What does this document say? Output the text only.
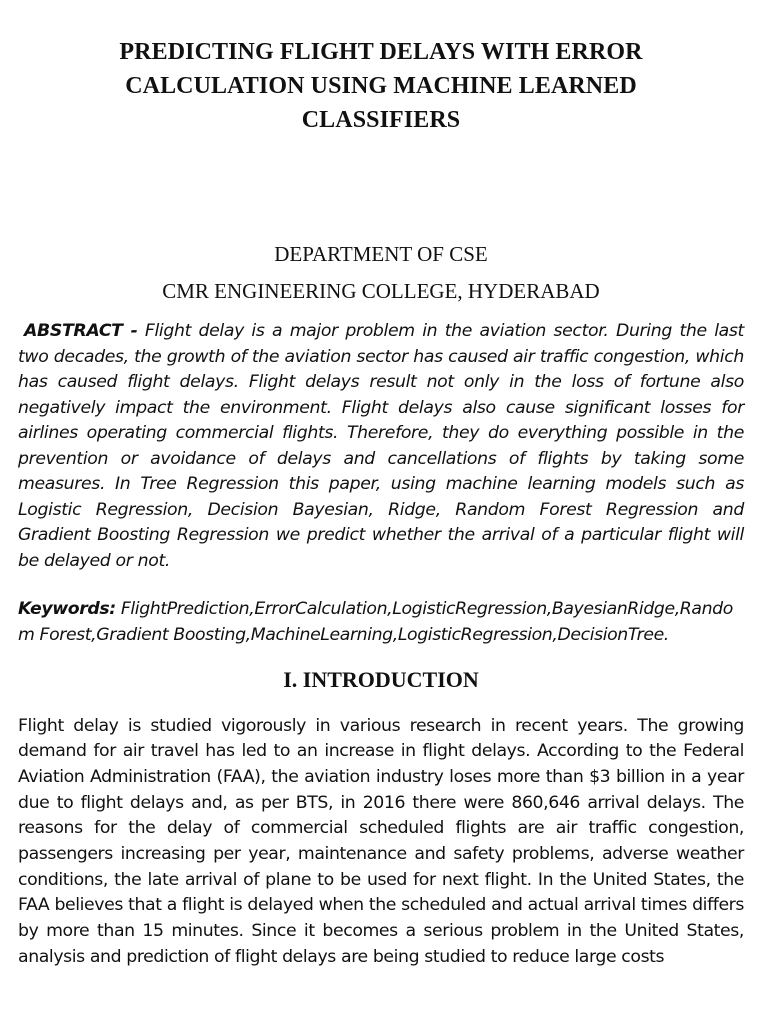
PREDICTING FLIGHT DELAYS WITH ERROR
CALCULATION USING MACHINE LEARNED
CLASSIFIERS
DEPARTMENT OF CSE
CMR ENGINEERING COLLEGE, HYDERABAD

ABSTRACT - Flight delay is a major problem in the aviation sector. During the last two decades, the growth of the aviation sector has caused air traffic congestion, which has caused flight delays. Flight delays result not only in the loss of fortune also negatively impact the environment. Flight delays also cause significant losses for airlines operating commercial flights. Therefore, they do everything possible in the prevention or avoidance of delays and cancellations of flights by taking some measures. In Tree Regression this paper, using machine learning models such as Logistic Regression, Decision Bayesian, Ridge, Random Forest Regression and Gradient Boosting Regression we predict whether the arrival of a particular flight will be delayed or not.

Keywords: FlightPrediction,ErrorCalculation,LogisticRegression,BayesianRidge,Random Forest,Gradient Boosting,MachineLearning,LogisticRegression,DecisionTree.

I. INTRODUCTION

Flight delay is studied vigorously in various research in recent years. The growing demand for air travel has led to an increase in flight delays. According to the Federal Aviation Administration (FAA), the aviation industry loses more than $3 billion in a year due to flight delays and, as per BTS, in 2016 there were 860,646 arrival delays. The reasons for the delay of commercial scheduled flights are air traffic congestion, passengers increasing per year, maintenance and safety problems, adverse weather conditions, the late arrival of plane to be used for next flight. In the United States, the FAA believes that a flight is delayed when the scheduled and actual arrival times differs by more than 15 minutes. Since it becomes a serious problem in the United States, analysis and prediction of flight delays are being studied to reduce large costs
